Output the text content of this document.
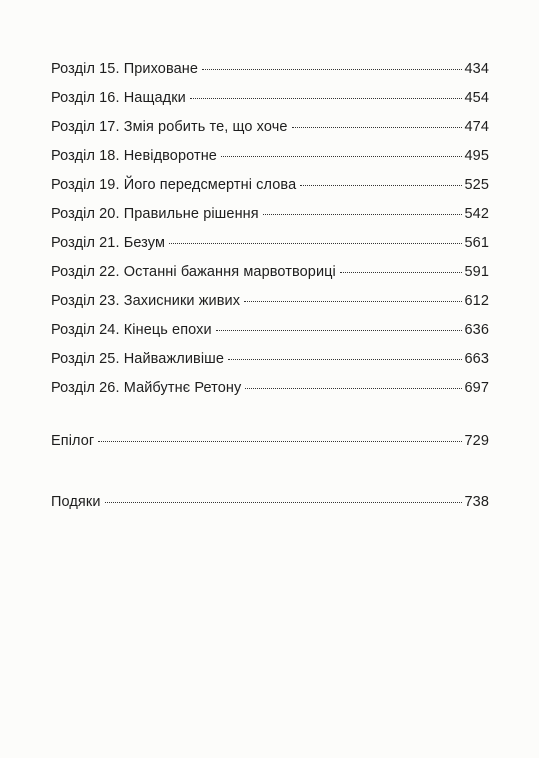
Розділ 15. Приховане	434
Розділ 16. Нащадки	454
Розділ 17. Змія робить те, що хоче	474
Розділ 18. Невідворотне	495
Розділ 19. Його передсмертні слова	525
Розділ 20. Правильне рішення	542
Розділ 21. Безум	561
Розділ 22. Останні бажання марвотвориці	591
Розділ 23. Захисники живих	612
Розділ 24. Кінець епохи	636
Розділ 25. Найважливіше	663
Розділ 26. Майбутнє Ретону	697
Епілог	729
Подяки	738
